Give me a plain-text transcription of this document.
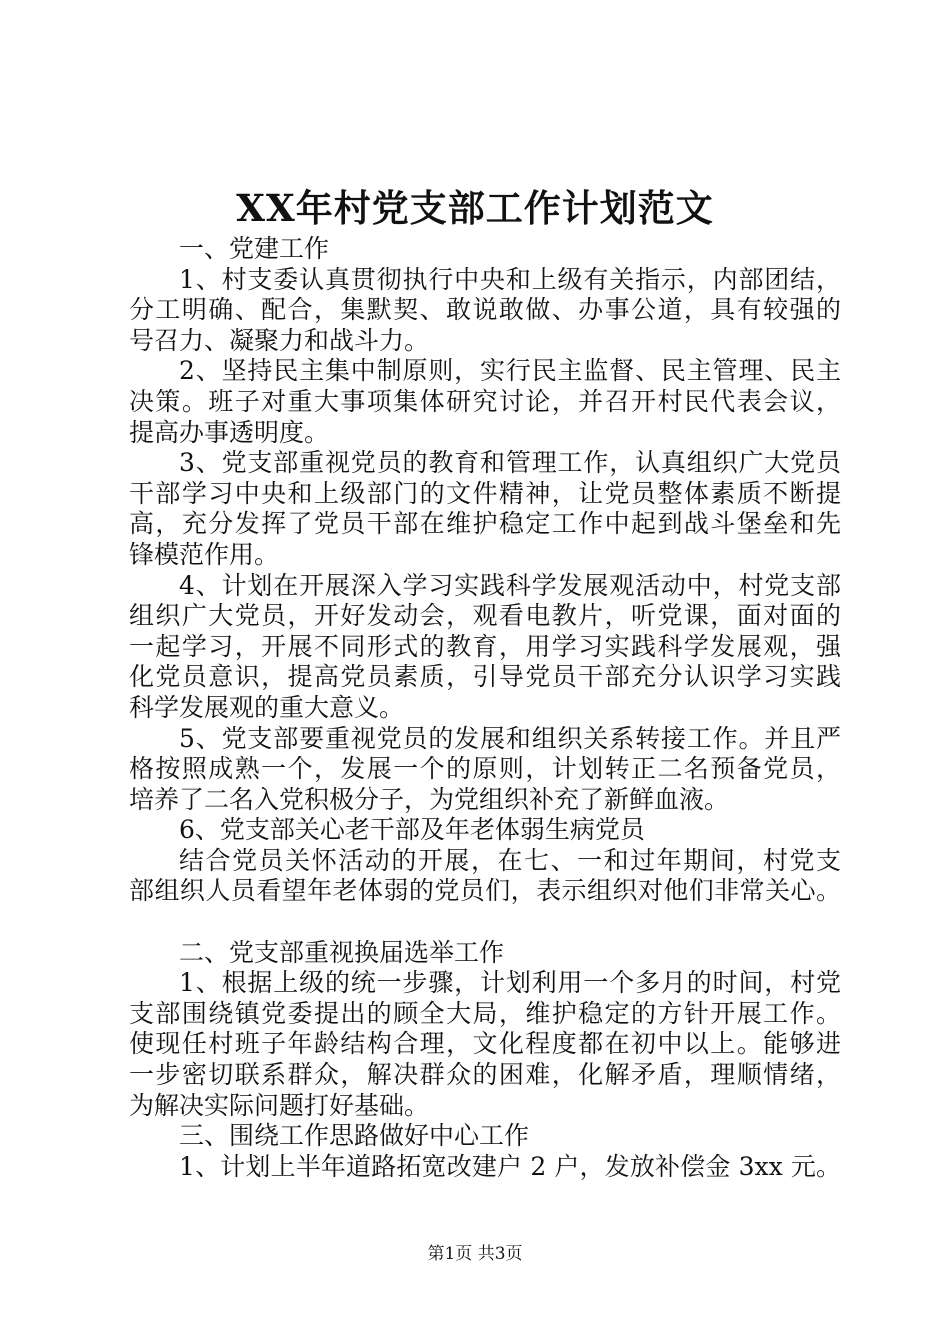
XX年村党支部工作计划范文
一、党建工作
1、村支委认真贯彻执行中央和上级有关指示，内部团结，
分工明确、配合，集默契、敢说敢做、办事公道，具有较强的
号召力、凝聚力和战斗力。
2、坚持民主集中制原则，实行民主监督、民主管理、民主
决策。班子对重大事项集体研究讨论，并召开村民代表会议，
提高办事透明度。
3、党支部重视党员的教育和管理工作，认真组织广大党员
干部学习中央和上级部门的文件精神，让党员整体素质不断提
高，充分发挥了党员干部在维护稳定工作中起到战斗堡垒和先
锋模范作用。
4、计划在开展深入学习实践科学发展观活动中，村党支部
组织广大党员，开好发动会，观看电教片，听党课，面对面的
一起学习，开展不同形式的教育，用学习实践科学发展观，强
化党员意识，提高党员素质，引导党员干部充分认识学习实践
科学发展观的重大意义。
5、党支部要重视党员的发展和组织关系转接工作。并且严
格按照成熟一个，发展一个的原则，计划转正二名预备党员，
培养了二名入党积极分子，为党组织补充了新鲜血液。
6、党支部关心老干部及年老体弱生病党员
结合党员关怀活动的开展，在七、一和过年期间，村党支
部组织人员看望年老体弱的党员们，表示组织对他们非常关心。
二、党支部重视换届选举工作
1、根据上级的统一步骤，计划利用一个多月的时间，村党
支部围绕镇党委提出的顾全大局，维护稳定的方针开展工作。
使现任村班子年龄结构合理，文化程度都在初中以上。能够进
一步密切联系群众，解决群众的困难，化解矛盾，理顺情绪，
为解决实际问题打好基础。
三、围绕工作思路做好中心工作
1、计划上半年道路拓宽改建户 2 户，发放补偿金 3xx 元。
第1页 共3页
